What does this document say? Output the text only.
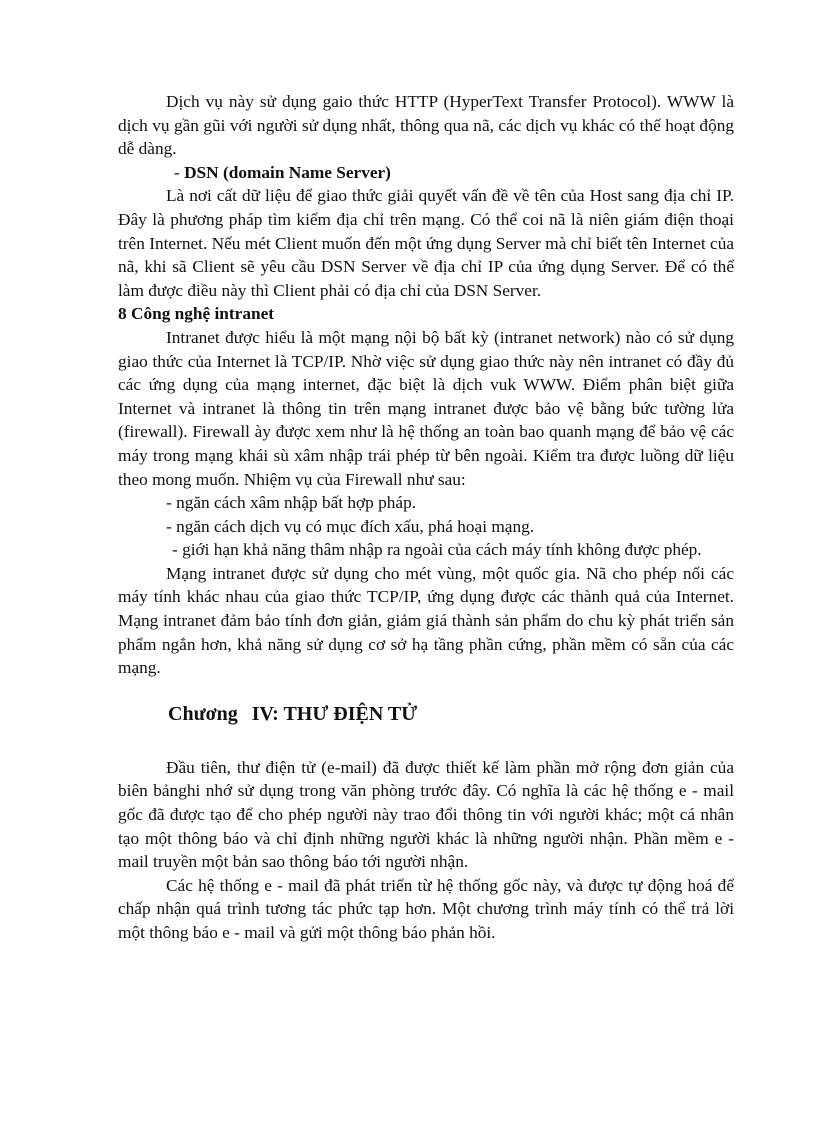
Dịch vụ này sử dụng gaio thức HTTP (HyperText Transfer Protocol). WWW là dịch vụ gần gũi với người sử dụng nhất, thông qua nã, các dịch vụ khác có thể hoạt động dễ dàng.

- DSN (domain Name Server)

Là nơi cất dữ liệu để giao thức giải quyết vấn đề về tên của Host sang địa chỉ IP. Đây là phương pháp tìm kiếm địa chỉ trên mạng. Có thể coi nã là niên giám điện thoại trên Internet. Nếu mét Client muốn đến một ứng dụng Server mà chỉ biết tên Internet của nã, khi sã Client sẽ yêu cầu DSN Server về địa chỉ IP của ứng dụng Server. Để có thể làm được điều này thì Client phải có địa chỉ của DSN Server.

8 Công nghệ intranet

Intranet được hiểu là một mạng nội bộ bất kỳ (intranet network) nào có sử dụng giao thức của Internet là TCP/IP. Nhờ việc sử dụng giao thức này nên intranet có đầy đủ các ứng dụng của mạng internet, đặc biệt là dịch vuk WWW. Điểm phân biệt giữa Internet và intranet là thông tin trên mạng intranet được bảo vệ bằng bức tường lửa (firewall). Firewall ày được xem như là hệ thống an toàn bao quanh mạng để bảo vệ các máy trong mạng khái sù xâm nhập trái phép từ bên ngoài. Kiểm tra được luồng dữ liệu theo mong muốn. Nhiệm vụ của Firewall như sau:

- ngăn cách xâm nhập bất hợp pháp.

- ngăn cách dịch vụ có mục đích xấu, phá hoại mạng.

- giới hạn khả năng thâm nhập ra ngoài của cách máy tính không được phép.

Mạng intranet được sử dụng cho mét vùng, một quốc gia. Nã cho phép nối các máy tính khác nhau của giao thức TCP/IP, ứng dụng được các thành quả của Internet. Mạng intranet đảm bảo tính đơn giản, giảm giá thành sản phẩm do chu kỳ phát triển sản phẩm ngắn hơn, khả năng sử dụng cơ sở hạ tầng phần cứng, phần mềm có sẵn của các mạng.

Chương IV: THƯ ĐIỆN TỬ

Đầu tiên, thư điện tử (e-mail) đã được thiết kế làm phần mở rộng đơn giản của biên bảnghi nhớ sử dụng trong văn phòng trước đây. Có nghĩa là các hệ thống e - mail gốc đã được tạo để cho phép người này trao đổi thông tin với người khác; một cá nhân tạo một thông báo và chỉ định những người khác là những người nhận. Phần mềm e - mail truyền một bản sao thông báo tới người nhận.

Các hệ thống e - mail đã phát triển từ hệ thống gốc này, và được tự động hoá để chấp nhận quá trình tương tác phức tạp hơn. Một chương trình máy tính có thể trả lời một thông báo e - mail và gửi một thông báo phản hồi.
